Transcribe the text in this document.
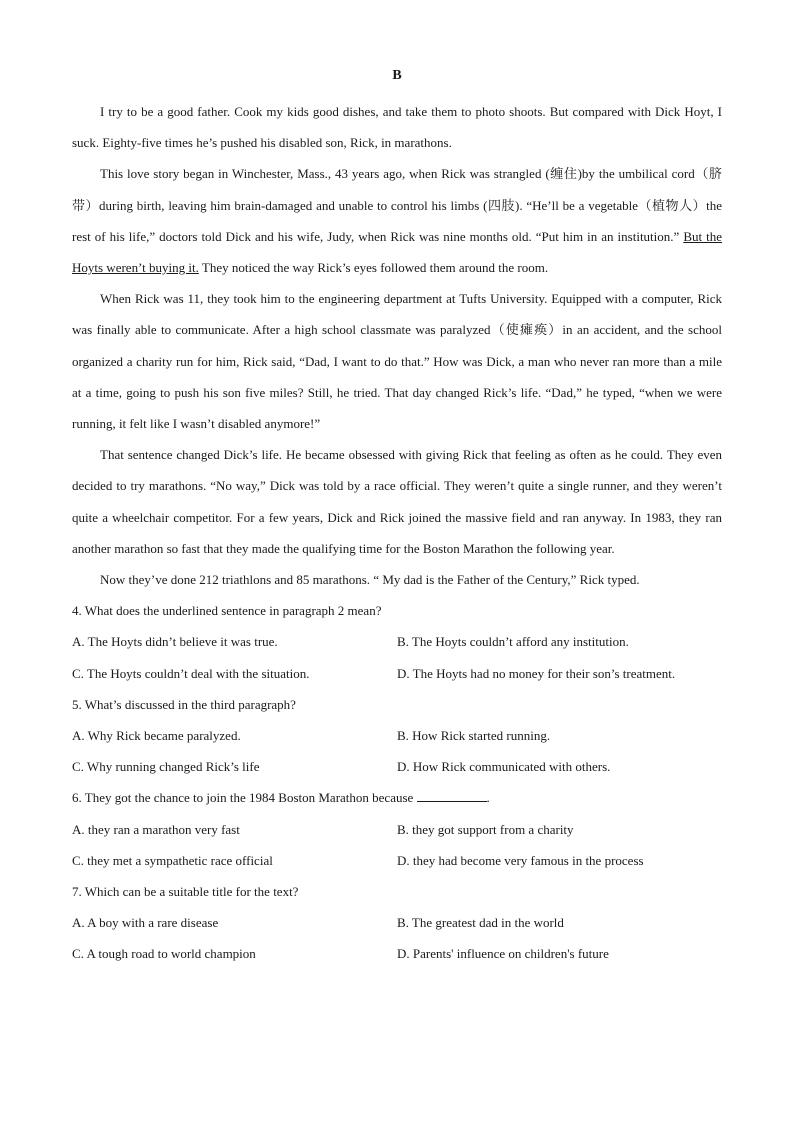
B

I try to be a good father. Cook my kids good dishes, and take them to photo shoots. But compared with Dick Hoyt, I suck. Eighty-five times he’s pushed his disabled son, Rick, in marathons.

This love story began in Winchester, Mass., 43 years ago, when Rick was strangled (缠住)by the umbilical cord（脐带）during birth, leaving him brain-damaged and unable to control his limbs (四肢). “He’ll be a vegetable（植物人）the rest of his life,” doctors told Dick and his wife, Judy, when Rick was nine months old. “Put him in an institution.” But the Hoyts weren’t buying it. They noticed the way Rick’s eyes followed them around the room.

When Rick was 11, they took him to the engineering department at Tufts University. Equipped with a computer, Rick was finally able to communicate. After a high school classmate was paralyzed（使瘫痪）in an accident, and the school organized a charity run for him, Rick said, “Dad, I want to do that.” How was Dick, a man who never ran more than a mile at a time, going to push his son five miles? Still, he tried. That day changed Rick’s life. “Dad,” he typed, “when we were running, it felt like I wasn’t disabled anymore!”

That sentence changed Dick’s life. He became obsessed with giving Rick that feeling as often as he could. They even decided to try marathons. “No way,” Dick was told by a race official. They weren’t quite a single runner, and they weren’t quite a wheelchair competitor. For a few years, Dick and Rick joined the massive field and ran anyway. In 1983, they ran another marathon so fast that they made the qualifying time for the Boston Marathon the following year.

Now they’ve done 212 triathlons and 85 marathons. “ My dad is the Father of the Century,” Rick typed.

4. What does the underlined sentence in paragraph 2 mean?

A. The Hoyts didn’t believe it was true.	B. The Hoyts couldn’t afford any institution.
C. The Hoyts couldn’t deal with the situation.	D. The Hoyts had no money for their son’s treatment.

5. What’s discussed in the third paragraph?

A. Why Rick became paralyzed.	B. How Rick started running.
C. Why running changed Rick’s life	D. How Rick communicated with others.

6. They got the chance to join the 1984 Boston Marathon because	.

A. they ran a marathon very fast	B. they got support from a charity
C. they met a sympathetic race official	D. they had become very famous in the process

7. Which can be a suitable title for the text?

A. A boy with a rare disease	B. The greatest dad in the world
C. A tough road to world champion	D. Parents' influence on children's future
